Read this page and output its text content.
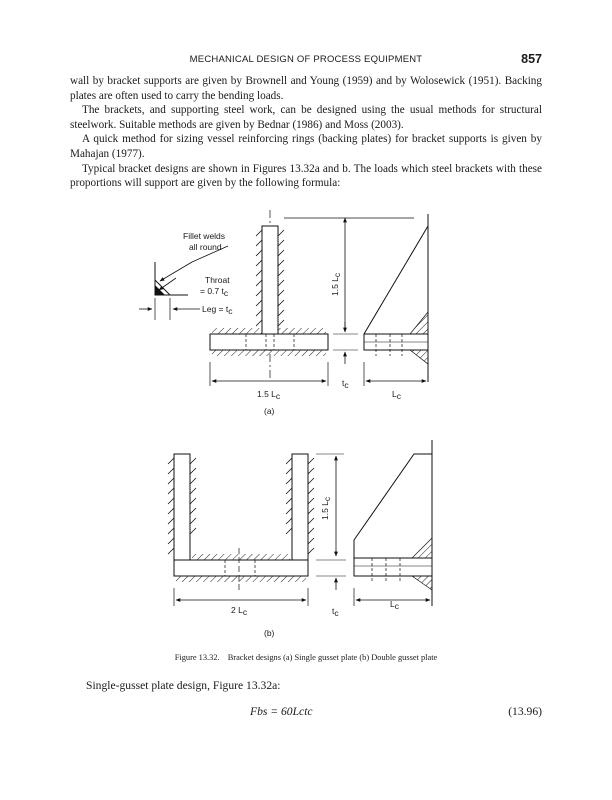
MECHANICAL DESIGN OF PROCESS EQUIPMENT	857

wall by bracket supports are given by Brownell and Young (1959) and by Wolosewick (1951). Backing plates are often used to carry the bending loads.

The brackets, and supporting steel work, can be designed using the usual methods for structural steelwork. Suitable methods are given by Bednar (1986) and Moss (2003).

A quick method for sizing vessel reinforcing rings (backing plates) for bracket supports is given by Mahajan (1977).

Typical bracket designs are shown in Figures 13.32a and b. The loads which steel brackets with these proportions will support are given by the following formula:

Fillet welds
all round
Throat
= 0.7 tc
Leg = tc
1.5 Lc
1.5 Lc
tc
Lc
(a)
1.5 Lc
2 Lc	tc
Lc
(b)
Figure 13.32. Bracket designs (a) Single gusset plate (b) Double gusset plate
Single-gusset plate design, Figure 13.32a:
Fbs = 60Lctc	(13.96)
